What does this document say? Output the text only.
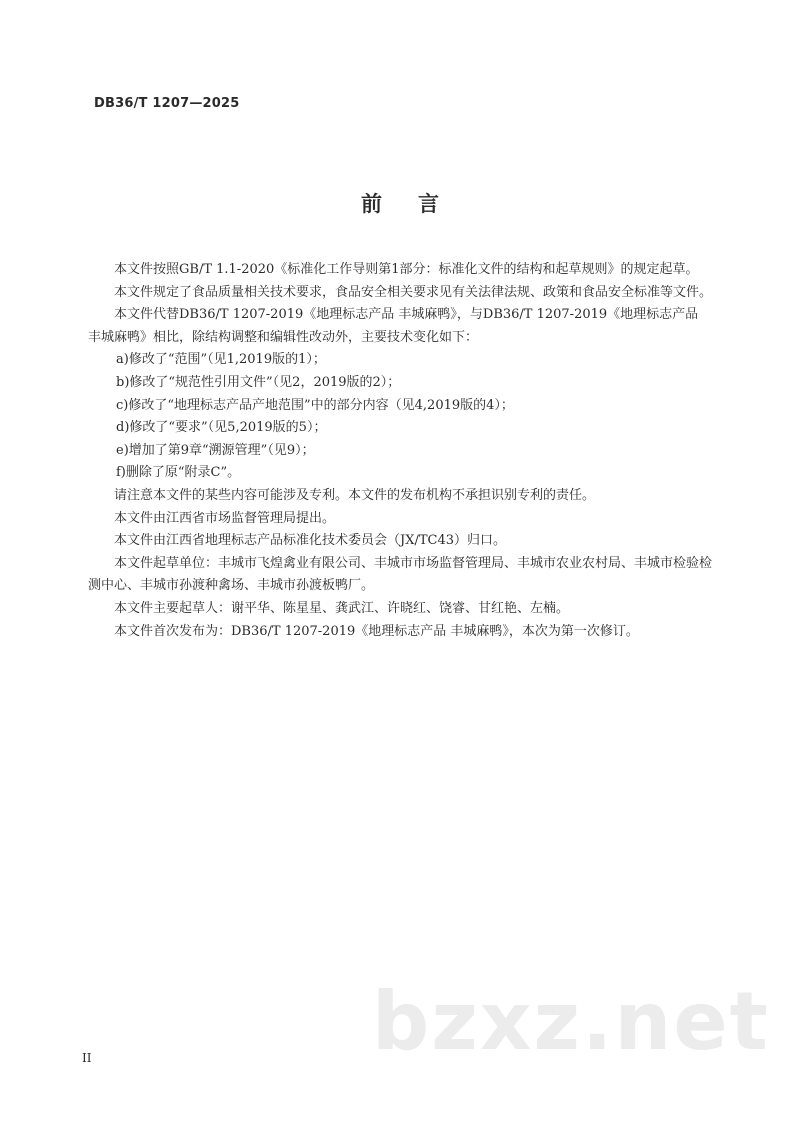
DB36/T 1207—2025
前 言

本文件按照GB/T 1.1-2020《标准化工作导则第1部分：标准化文件的结构和起草规则》的规定起草。

本文件规定了食品质量相关技术要求，食品安全相关要求见有关法律法规、政策和食品安全标准等文件。

本文件代替DB36/T 1207-2019《地理标志产品 丰城麻鸭》，与DB36/T 1207-2019《地理标志产品 丰城麻鸭》相比，除结构调整和编辑性改动外，主要技术变化如下：

a)修改了“范围”（见1,2019版的1）；

b)修改了“规范性引用文件”（见2，2019版的2）；

c)修改了“地理标志产品产地范围”中的部分内容（见4,2019版的4）；

d)修改了“要求”（见5,2019版的5）；

e)增加了第9章“溯源管理”（见9）；

f)删除了原“附录C”。

请注意本文件的某些内容可能涉及专利。本文件的发布机构不承担识别专利的责任。

本文件由江西省市场监督管理局提出。

本文件由江西省地理标志产品标准化技术委员会（JX/TC43）归口。

本文件起草单位：丰城市飞煌禽业有限公司、丰城市市场监督管理局、丰城市农业农村局、丰城市检验检测中心、丰城市孙渡种禽场、丰城市孙渡板鸭厂。

本文件主要起草人：谢平华、陈星星、龚武江、许晓红、饶睿、甘红艳、左楠。

本文件首次发布为：DB36/T 1207-2019《地理标志产品 丰城麻鸭》，本次为第一次修订。

bzxz.net
II
